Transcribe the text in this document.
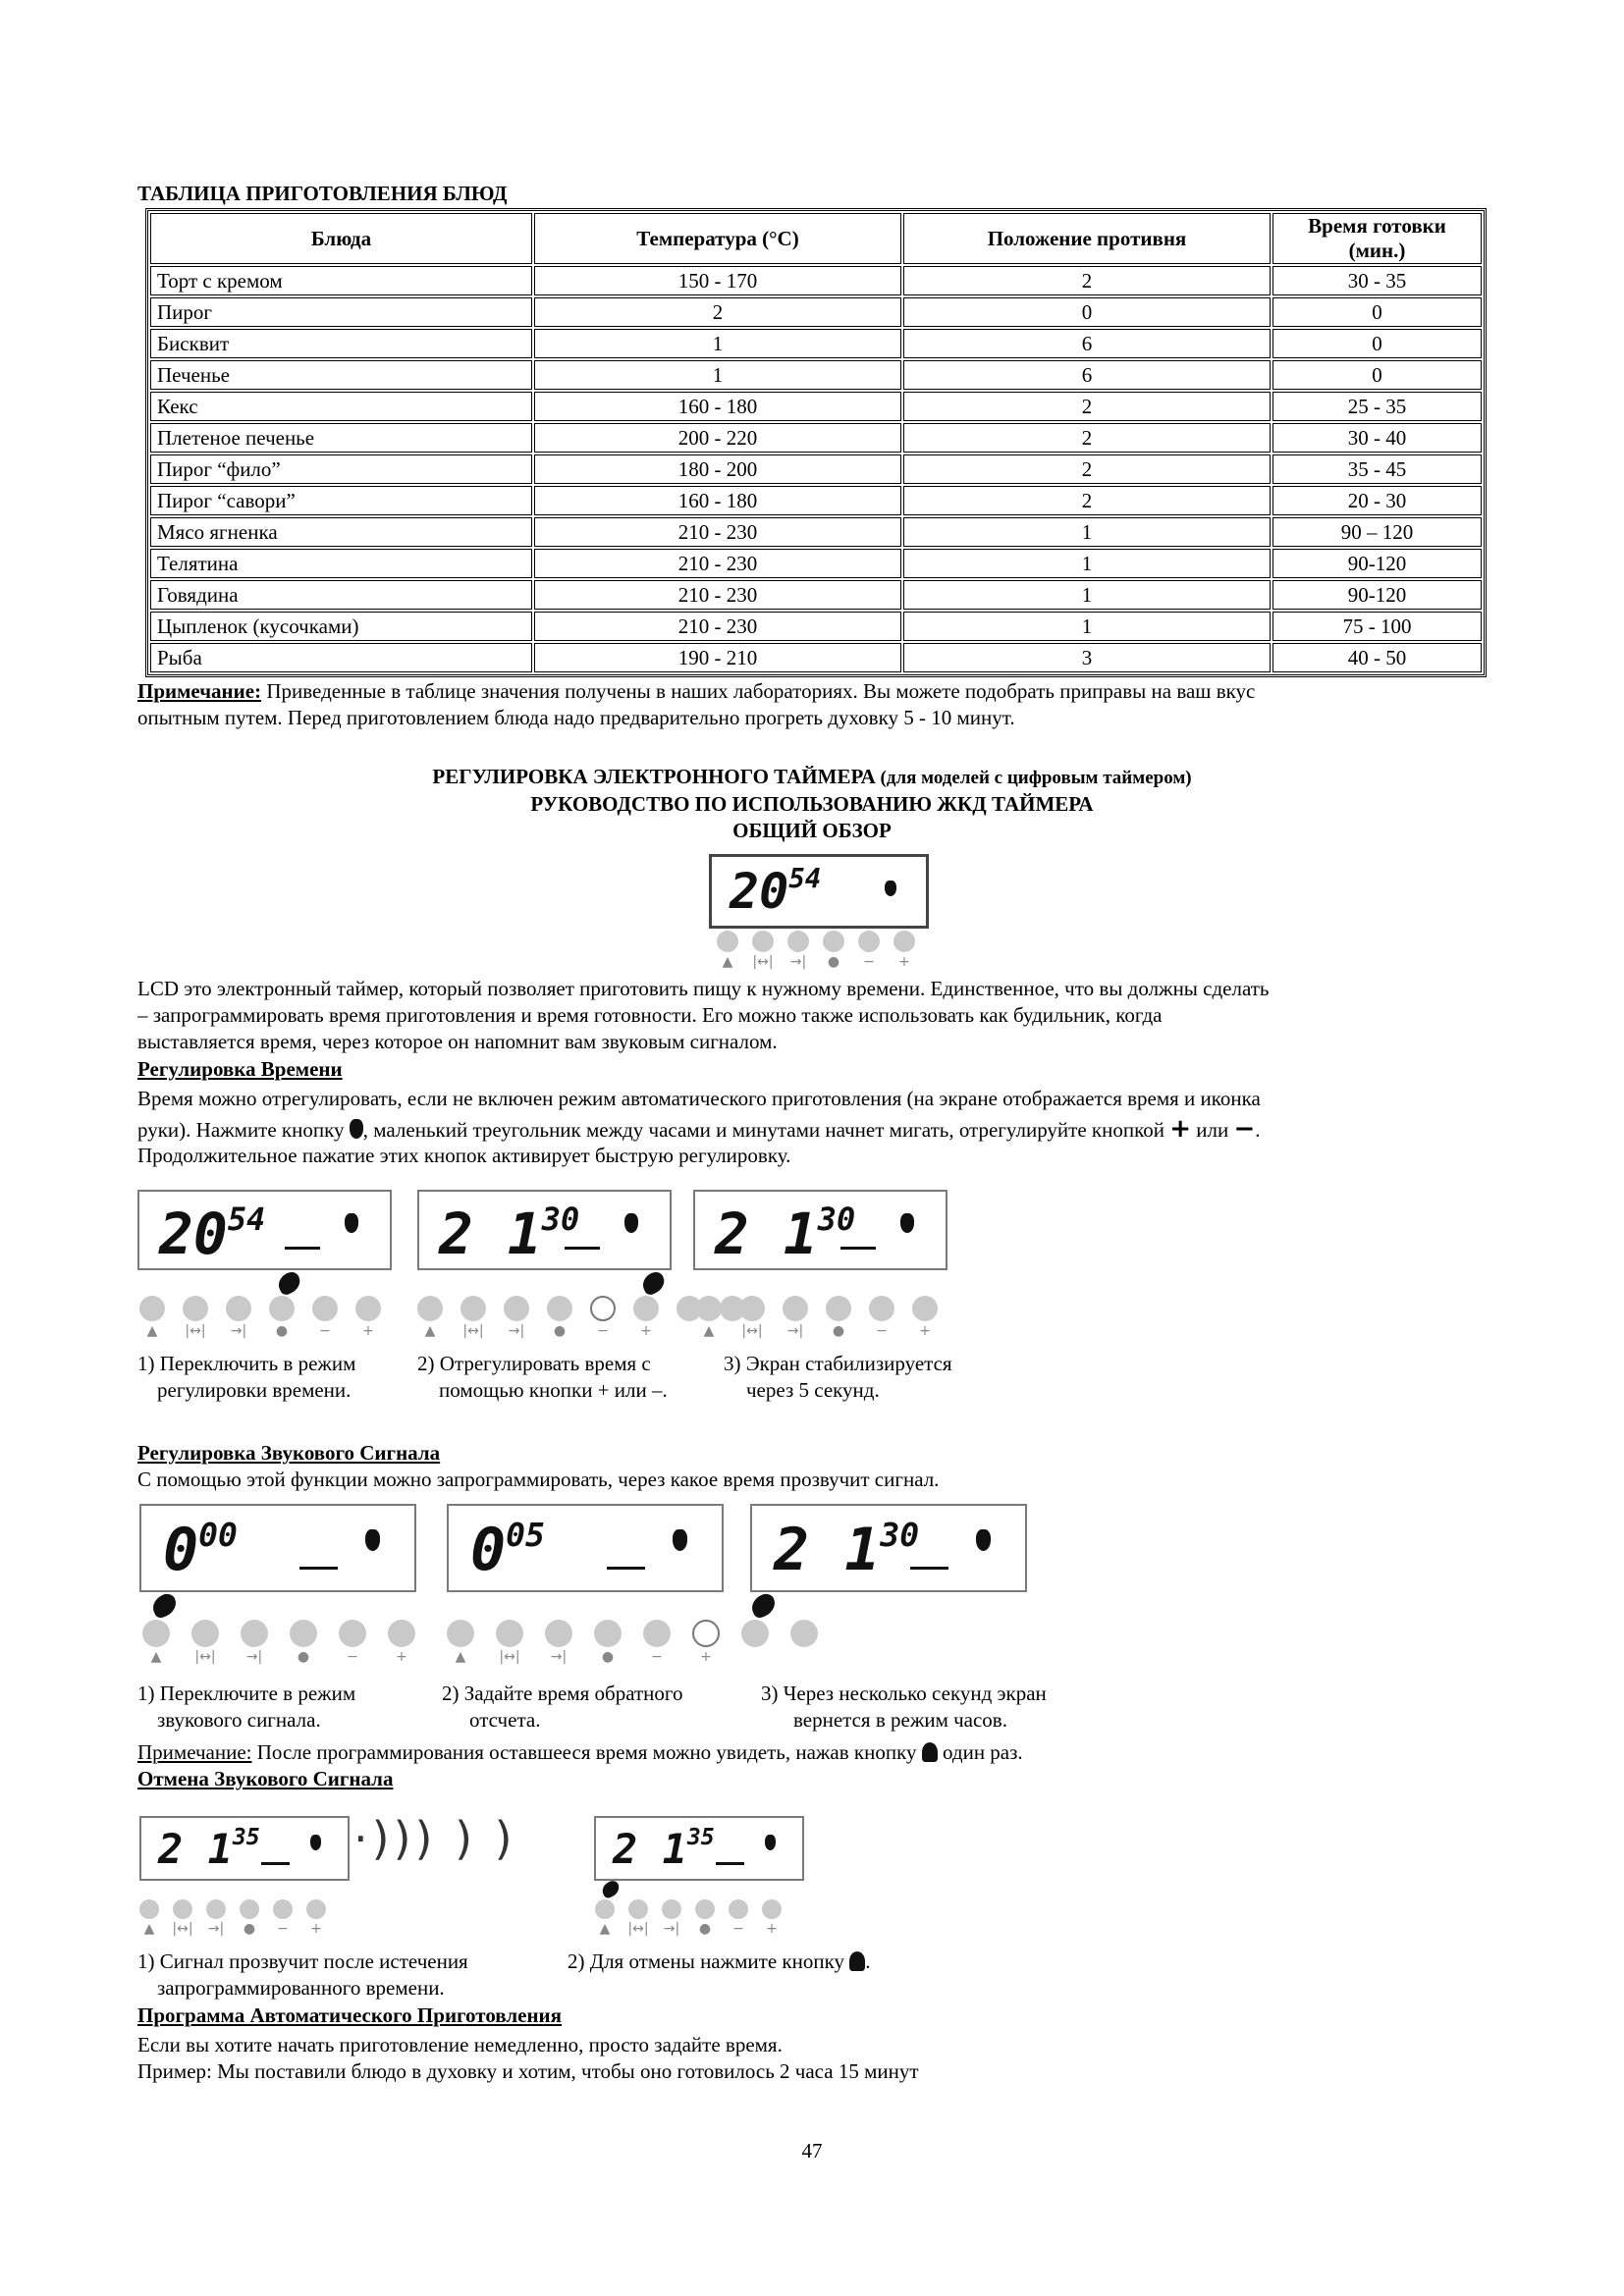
ТАБЛИЦА ПРИГОТОВЛЕНИЯ БЛЮД
Блюда	Температура (°C)	Положение противня	Время готовки (мин.)
Торт с кремом	150 - 170	2	30 - 35
Пирог	2	0	0
Бисквит	1	6	0
Печенье	1	6	0
Кекс	160 - 180	2	25 - 35
Плетеное печенье	200 - 220	2	30 - 40
Пирог “фило”	180 - 200	2	35 - 45
Пирог “савори”	160 - 180	2	20 - 30
Мясо ягненка	210 - 230	1	90 – 120
Телятина	210 - 230	1	90-120
Говядина	210 - 230	1	90-120
Цыпленок (кусочками)	210 - 230	1	75 - 100
Рыба	190 - 210	3	40 - 50
Примечание: Приведенные в таблице значения получены в наших лабораториях. Вы можете подобрать приправы на ваш вкус
опытным путем. Перед приготовлением блюда надо предварительно прогреть духовку 5 - 10 минут.
РЕГУЛИРОВКА ЭЛЕКТРОННОГО ТАЙМЕРА (для моделей с цифровым таймером)
РУКОВОДСТВО ПО ИСПОЛЬЗОВАНИЮ ЖКД ТАЙМЕРА
ОБЩИЙ ОБЗОР
$20^{54}$
LCD это электронный таймер, который позволяет приготовить пищу к нужному времени. Единственное, что вы должны сделать
– запрограммировать время приготовления и время готовности. Его можно также использовать как будильник, когда
выставляется время, через которое он напомнит вам звуковым сигналом.
Регулировка Времени
Время можно отрегулировать, если не включен режим автоматического приготовления (на экране отображается время и иконка
руки). Нажмите кнопку , маленький треугольник между часами и минутами начнет мигать, отрегулируйте кнопкой + или −.
Продолжительное пажатие этих кнопок активирует быструю регулировку.
1) Переключить в режим
регулировки времени.
2) Отрегулировать время с
помощью кнопки + или –.
3) Экран стабилизируется
через 5 секунд.
Регулировка Звукового Сигнала
С помощью этой функции можно запрограммировать, через какое время прозвучит сигнал.
1) Переключите в режим
звукового сигнала.
2) Задайте время обратного
отсчета.
3) Через несколько секунд экран
вернется в режим часов.
Примечание: После программирования оставшееся время можно увидеть, нажав кнопку  один раз.
Отмена Звукового Сигнала
1) Сигнал прозвучит после истечения
запрограммированного времени.
2) Для отмены нажмите кнопку .
Программа Автоматического Приготовления
Если вы хотите начать приготовление немедленно, просто задайте время.
Пример: Мы поставили блюдо в духовку и хотим, чтобы оно готовилось 2 часа 15 минут
47
▲	|↔|	→|	●	−	+
$20^{54}$	2 $1^{30}$ 2 $1^{30}$
▲	|↔|	→|	●	−	+	▲	|↔|	→|	●	−	+	▲	|↔|	→|	●	−	+
$0^{00}$	$0^{05}$	2 $1^{30}$
▲	|↔|	→|	●	−	+	▲	|↔|	→|	●	−	+
2 $1^{35}$	2 $1^{35}$
▲	|↔|	→|	●	−	+	▲	|↔|	→|	●	−	+
·))) ) )
